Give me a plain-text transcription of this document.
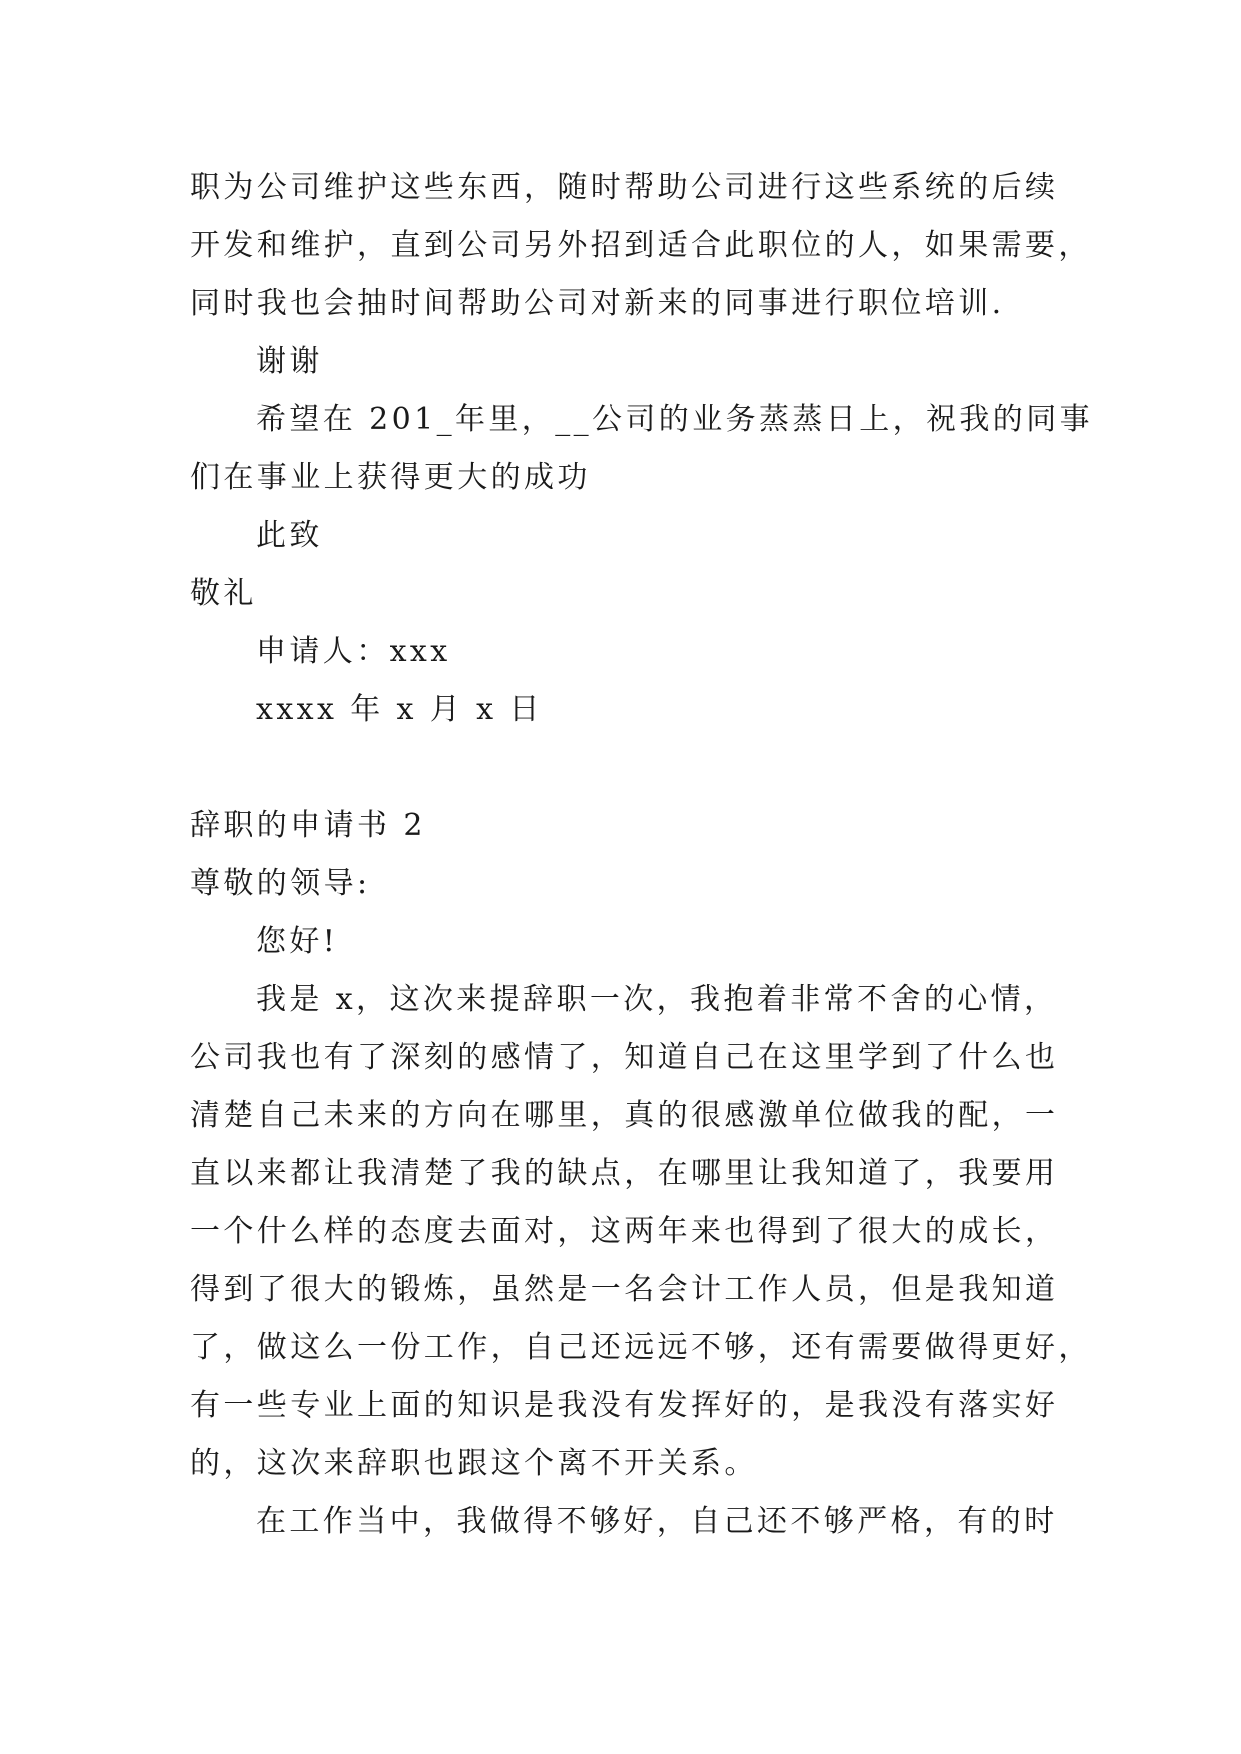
职为公司维护这些东西，随时帮助公司进行这些系统的后续
开发和维护，直到公司另外招到适合此职位的人，如果需要，
同时我也会抽时间帮助公司对新来的同事进行职位培训.
谢谢
希望在 201_年里，__公司的业务蒸蒸日上，祝我的同事
们在事业上获得更大的成功
此致
敬礼
申请人：xxx
xxxx 年 x 月 x 日
辞职的申请书 2
尊敬的领导:
您好!
我是 x，这次来提辞职一次，我抱着非常不舍的心情，
公司我也有了深刻的感情了，知道自己在这里学到了什么也
清楚自己未来的方向在哪里，真的很感激单位做我的配，一
直以来都让我清楚了我的缺点，在哪里让我知道了，我要用
一个什么样的态度去面对，这两年来也得到了很大的成长，
得到了很大的锻炼，虽然是一名会计工作人员，但是我知道
了，做这么一份工作，自己还远远不够，还有需要做得更好，
有一些专业上面的知识是我没有发挥好的，是我没有落实好
的，这次来辞职也跟这个离不开关系。
在工作当中，我做得不够好，自己还不够严格，有的时
